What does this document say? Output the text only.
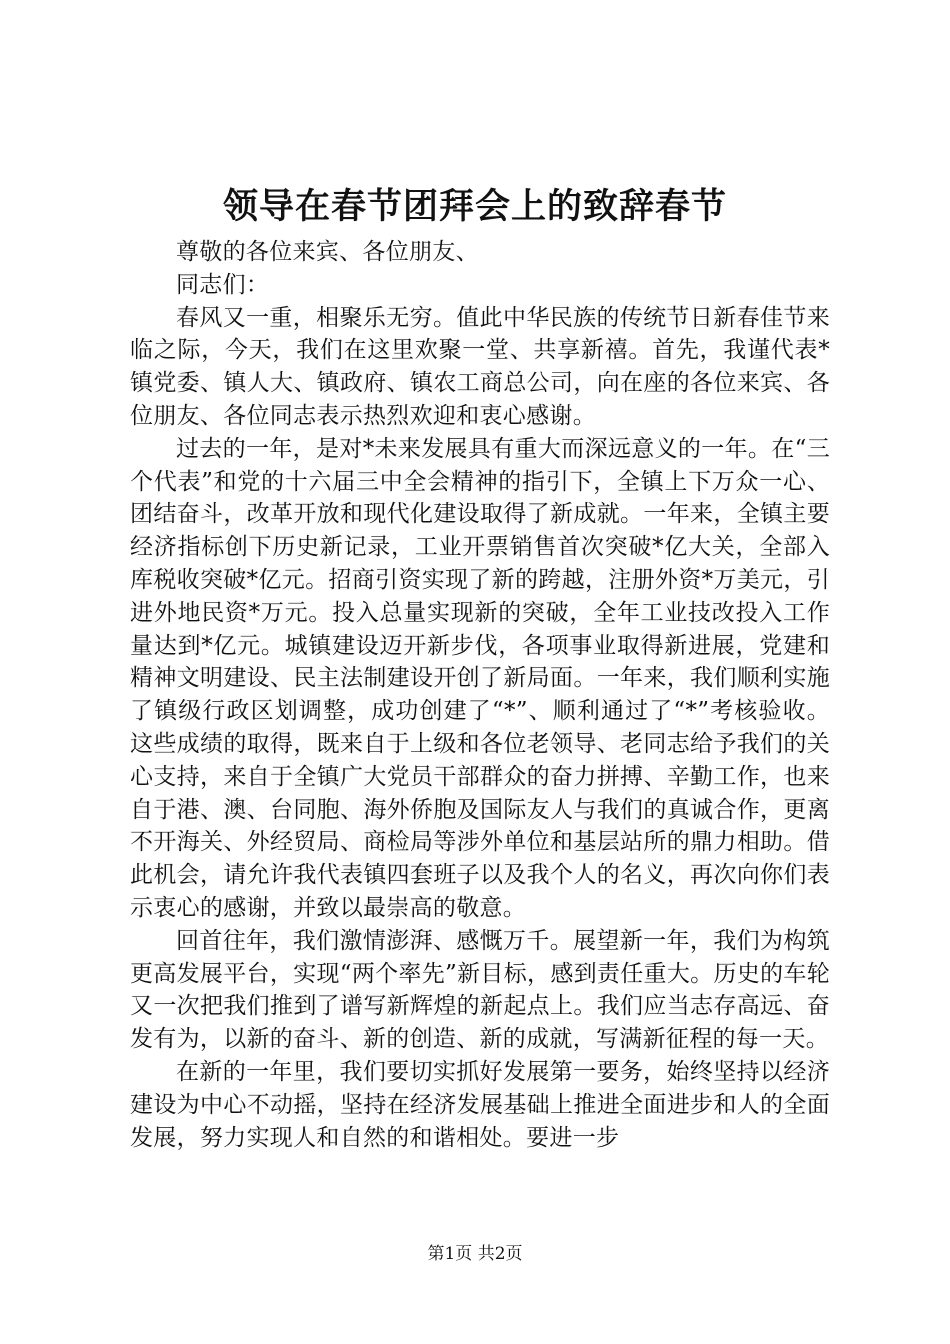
领导在春节团拜会上的致辞春节

尊敬的各位来宾、各位朋友、

同志们：

春风又一重，相聚乐无穷。值此中华民族的传统节日新春佳节来临之际，今天，我们在这里欢聚一堂、共享新禧。首先，我谨代表*镇党委、镇人大、镇政府、镇农工商总公司，向在座的各位来宾、各位朋友、各位同志表示热烈欢迎和衷心感谢。

过去的一年，是对*未来发展具有重大而深远意义的一年。在“三个代表”和党的十六届三中全会精神的指引下，全镇上下万众一心、团结奋斗，改革开放和现代化建设取得了新成就。一年来，全镇主要经济指标创下历史新记录，工业开票销售首次突破*亿大关，全部入库税收突破*亿元。招商引资实现了新的跨越，注册外资*万美元，引进外地民资*万元。投入总量实现新的突破，全年工业技改投入工作量达到*亿元。城镇建设迈开新步伐，各项事业取得新进展，党建和精神文明建设、民主法制建设开创了新局面。一年来，我们顺利实施了镇级行政区划调整，成功创建了“*”、顺利通过了“*”考核验收。这些成绩的取得，既来自于上级和各位老领导、老同志给予我们的关心支持，来自于全镇广大党员干部群众的奋力拼搏、辛勤工作，也来自于港、澳、台同胞、海外侨胞及国际友人与我们的真诚合作，更离不开海关、外经贸局、商检局等涉外单位和基层站所的鼎力相助。借此机会，请允许我代表镇四套班子以及我个人的名义，再次向你们表示衷心的感谢，并致以最崇高的敬意。

回首往年，我们激情澎湃、感慨万千。展望新一年，我们为构筑更高发展平台，实现“两个率先”新目标，感到责任重大。历史的车轮又一次把我们推到了谱写新辉煌的新起点上。我们应当志存高远、奋发有为，以新的奋斗、新的创造、新的成就，写满新征程的每一天。

在新的一年里，我们要切实抓好发展第一要务，始终坚持以经济建设为中心不动摇，坚持在经济发展基础上推进全面进步和人的全面发展，努力实现人和自然的和谐相处。要进一步

第1页 共2页
